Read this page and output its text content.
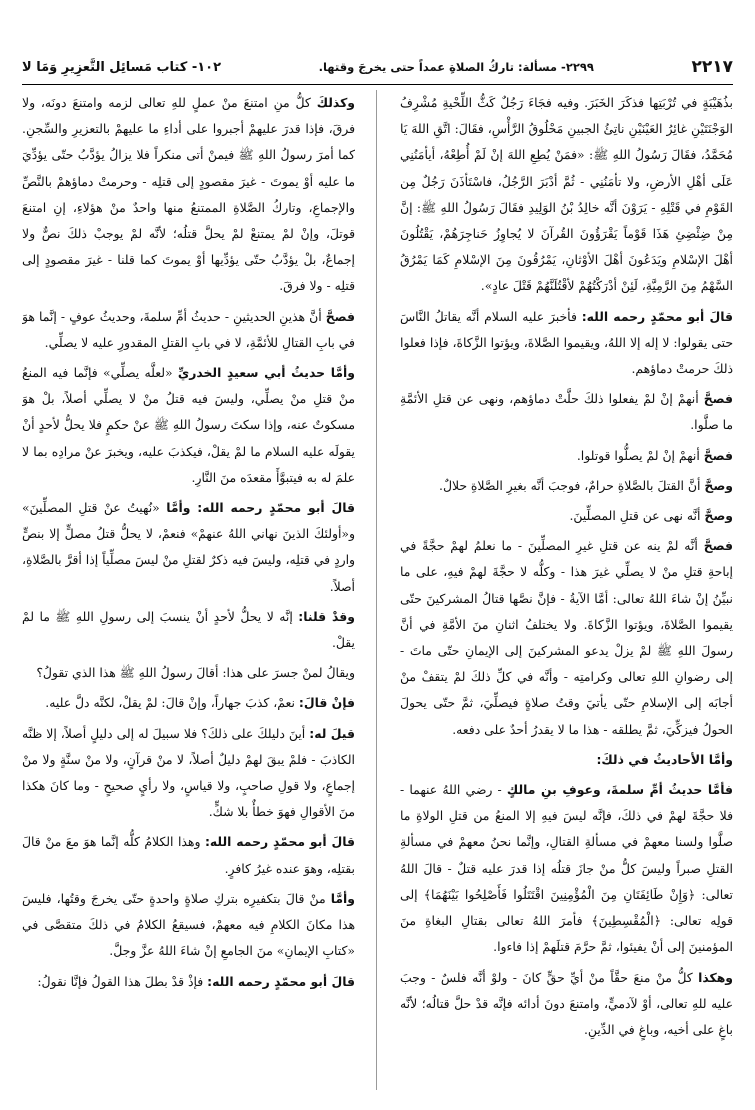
٢٢١٧
٢٢٩٩- مسألة: تاركُ الصلاةِ عمداً حتى يخرجَ وقتها.
١٠٢- كتاب مَسائِل التَّعزِيرِ وَمَا لا

بذُهَيْبَةٍ في تُرْبَتِها فذكَرَ الخَبَرَ. وفيه فجَاءَ رَجُلٌ كَثُّ اللِّحْيةِ مُشْرِفُ الوَجْنَتَيْنِ غائِرُ العَيْنَيْنِ ناتِئُ الجبينِ مَحْلُوقُ الرَّأْسِ، فقَالَ: اتَّقِ اللهَ يَا مُحَمَّدُ، فقَالَ رَسُولُ اللهِ ﷺ: «فمَنْ يُطِعِ اللهَ إنْ لَمْ أُطِعْهُ، أيأمَنُنِي عَلَى أهْلِ الأرضِ، ولا تأمَنُنِي - ثُمَّ أدْبَرَ الرَّجُلُ، فاسْتَأذَنَ رَجُلٌ مِن القَوْمِ في قَتْلِهِ - يَرَوْنَ أنَّه خالِدُ بْنُ الوَلِيدِ فقَالَ رَسُولُ اللهِ ﷺ: إنَّ مِنْ ضِئْضِئِ هَذَا قَوْماً يَقْرَؤُونَ القُرآنَ لا يُجاوِزُ حَناجِرَهُمْ، يَقْتُلُونَ أهْلَ الإسْلامِ ويَدَعُونَ أهْلَ الأوْثانِ، يَمْرُقُونَ مِنَ الإسْلامِ كَمَا يَمْرُقُ السَّهْمُ مِنَ الرَّمِيَّةِ، لَئِنْ أدْرَكْتُهُمْ لأقْتُلَنَّهُمْ قَتْلَ عادٍ».

قالَ أبو محمّدٍ رحمه الله: فأخبرَ عليه السلام أنَّه يقاتلُ النَّاسَ حتى يقولوا: لا إله إلا اللهُ، ويقيموا الصَّلاةَ، ويؤتوا الزَّكاةَ، فإذا فعلوا ذلكَ حرمتْ دماؤهم.

فصحَّ أنهمْ إنْ لمْ يفعلوا ذلكَ حلَّتْ دماؤهم، ونهى عن قتلِ الأئمَّةِ ما صلَّوا.

فصحَّ أنهمْ إنْ لمْ يصلُّوا قوتلوا.

وصحَّ أنَّ القتلَ بالصَّلاةِ حرامٌ، فوجبَ أنَّه بغيرِ الصَّلاةِ حلالٌ.

وصحَّ أنَّه نهى عن قتلِ المصلِّينَ.

فصحَّ أنَّه لمْ ينه عن قتلِ غيرِ المصلِّينَ - ما نعلمُ لهمْ حجَّةً في إباحةِ قتلِ منْ لا يصلِّي غيرَ هذا - وكلُّه لا حجَّةَ لهمْ فيهِ، على ما نبيِّنُ إنْ شاءَ اللهُ تعالى: أمَّا الآيةُ - فإنَّ نصَّها قتالُ المشركينَ حتّى يقيموا الصَّلاةَ، ويؤتوا الزَّكاةَ. ولا يختلفُ اثنانِ منَ الأمَّةِ في أنَّ رسولَ اللهِ ﷺ لمْ يزلْ يدعو المشركينَ إلى الإيمانِ حتّى ماتَ - إلى رضوانِ اللهِ تعالى وكرامتِه - وأنَّه في كلِّ ذلكَ لمْ يتقفْ منْ أجابَه إلى الإسلامِ حتّى يأتيَ وقتُ صلاةٍ فيصلِّيَ، ثمَّ حتّى يحولَ الحولُ فيزكِّيَ، ثمَّ يطلقه - هذا ما لا يقدرُ أحدٌ على دفعه.

وأمَّا الأحاديثُ في ذلكَ:

فأمَّا حديثُ أمِّ سلمةَ، وعوفِ بنِ مالكٍ - رضي اللهُ عنهما - فلا حجَّةَ لهمْ في ذلكَ، فإنَّه ليسَ فيهِ إلا المنعُ من قتلِ الولاةِ ما صلَّوا ولسنا معهمْ في مسألةِ القتالِ، وإنَّما نحنُ معهمْ في مسألةِ القتلِ صبراً وليسَ كلُّ منْ جازَ قتلُه إذا قدرَ عليه قتلٌ - قالَ اللهُ تعالى: ﴿وَإِنْ طَائِفَتَانِ مِنَ الْمُؤْمِنِينَ اقْتَتَلُوا فَأَصْلِحُوا بَيْنَهُمَا﴾ إلى قولِه تعالى: ﴿الْمُقْسِطِينَ﴾ فأمرَ اللهُ تعالى بقتالِ البغاةِ منَ المؤمنينَ إلى أنْ يفيئوا، ثمَّ حرَّمَ قتلَهمْ إذا فاءوا.

وهكذا كلُّ منْ منعَ حقَّاً منْ أيِّ حقٍّ كانَ - ولوْ أنَّه فلسٌ - وجبَ عليه للهِ تعالى، أوْ لآدميٍّ، وامتنعَ دونَ أدائه فإنَّه قدْ حلَّ قتالُه؛ لأنَّه باغٍ على أخيه، وباغٍ في الدِّينِ.

وكذلكَ كلُّ منِ امتنعَ منْ عملٍ للهِ تعالى لزمه وامتنعَ دونَه، ولا فرقَ، فإذا قدرَ عليهمْ أجبروا على أداءِ ما عليهمْ بالتعزيرِ والسِّجنِ. كما أمرَ رسولُ اللهِ ﷺ فيمنْ أتى منكراً فلا يزالُ يؤدَّبُ حتّى يؤدِّيَ ما عليه أوْ يموتَ - غيرَ مقصودٍ إلى قتلِه - وحرمتْ دماؤهمْ بالنَّصِّ والإجماعِ، وتاركُ الصَّلاةِ الممتنعُ منها واحدٌ منْ هؤلاءِ، إنِ امتنعَ قوتلَ، وإنْ لمْ يمتنعْ لمْ يحلَّ قتلُه؛ لأنَّه لمْ يوجبْ ذلكَ نصٌّ ولا إجماعٌ، بلْ يؤدَّبُ حتّى يؤدِّيها أوْ يموتَ كما قلنا - غيرَ مقصودٍ إلى قتلِه - ولا فرقَ.

فصحَّ أنَّ هذينِ الحديثينِ - حديثُ أمِّ سلمةَ، وحديثُ عوفٍ - إنَّما هوَ في بابِ القتالِ للأئمَّةِ، لا في بابِ القتلِ المقدورِ عليه لا يصلِّي.

وأمَّا حديثُ أبي سعيدٍ الخدريِّ «لعلَّه يصلِّي» فإنَّما فيه المنعُ منْ قتلِ منْ يصلِّي، وليسَ فيه قتلُ منْ لا يصلِّي أصلاً، بلْ هوَ مسكوتٌ عنه، وإذا سكتَ رسولُ اللهِ ﷺ عنْ حكمٍ فلا يحلُّ لأحدٍ أنْ يقولَه عليه السلام ما لمْ يقلْ، فيكذبَ عليه، ويخبرَ عنْ مرادِه بما لا علمَ له به فيتبوَّأَ مقعدَه منَ النَّارِ.

قالَ أبو محمّدٍ رحمه الله: وأمَّا «نُهيتُ عنْ قتلِ المصلِّينَ» و«أولئكَ الذينَ نهاني اللهُ عنهمْ» فنعمْ، لا يحلُّ قتلُ مصلٍّ إلا بنصٍّ واردٍ في قتلِه، وليسَ فيه ذكرٌ لقتلِ منْ ليسَ مصلِّياً إذا أقرَّ بالصَّلاةِ، أصلاً.

وقدْ قلنا: إنَّه لا يحلُّ لأحدٍ أنْ ينسبَ إلى رسولِ اللهِ ﷺ ما لمْ يقلْ.

ويقالُ لمنْ جسرَ على هذا: أقالَ رسولُ اللهِ ﷺ هذا الذي تقولُ؟

فإنْ قالَ: نعمْ، كذبَ جهاراً، وإنْ قالَ: لمْ يقلْ، لكنَّه دلَّ عليه.

قيلَ له: أينَ دليلكَ على ذلكَ؟ فلا سبيلَ له إلى دليلٍ أصلاً، إلا ظنَّه الكاذبَ - فلمْ يبقَ لهمْ دليلٌ أصلاً، لا منْ قرآنٍ، ولا منْ سنَّةٍ ولا منْ إجماعٍ، ولا قولِ صاحبٍ، ولا قياسٍ، ولا رأيٍ صحيحٍ - وما كانَ هكذا منَ الأقوالِ فهوَ خطأٌ بلا شكٍّ.

قالَ أبو محمّدٍ رحمه الله: وهذا الكلامُ كلُّه إنَّما هوَ معَ منْ قالَ بقتلِه، وهوَ عنده غيرُ كافرٍ.

وأمَّا منْ قالَ بتكفيرِه بتركِ صلاةٍ واحدةٍ حتّى يخرجَ وقتُها، فليسَ هذا مكانَ الكلامِ فيه معهمْ، فسيقعُ الكلامُ في ذلكَ متقصَّى في «كتابِ الإيمانِ» منَ الجامعِ إنْ شاءَ اللهُ عزَّ وجلَّ.

قالَ أبو محمّدٍ رحمه الله: فإذْ قدْ بطلَ هذا القولُ فإنَّا نقولُ:
